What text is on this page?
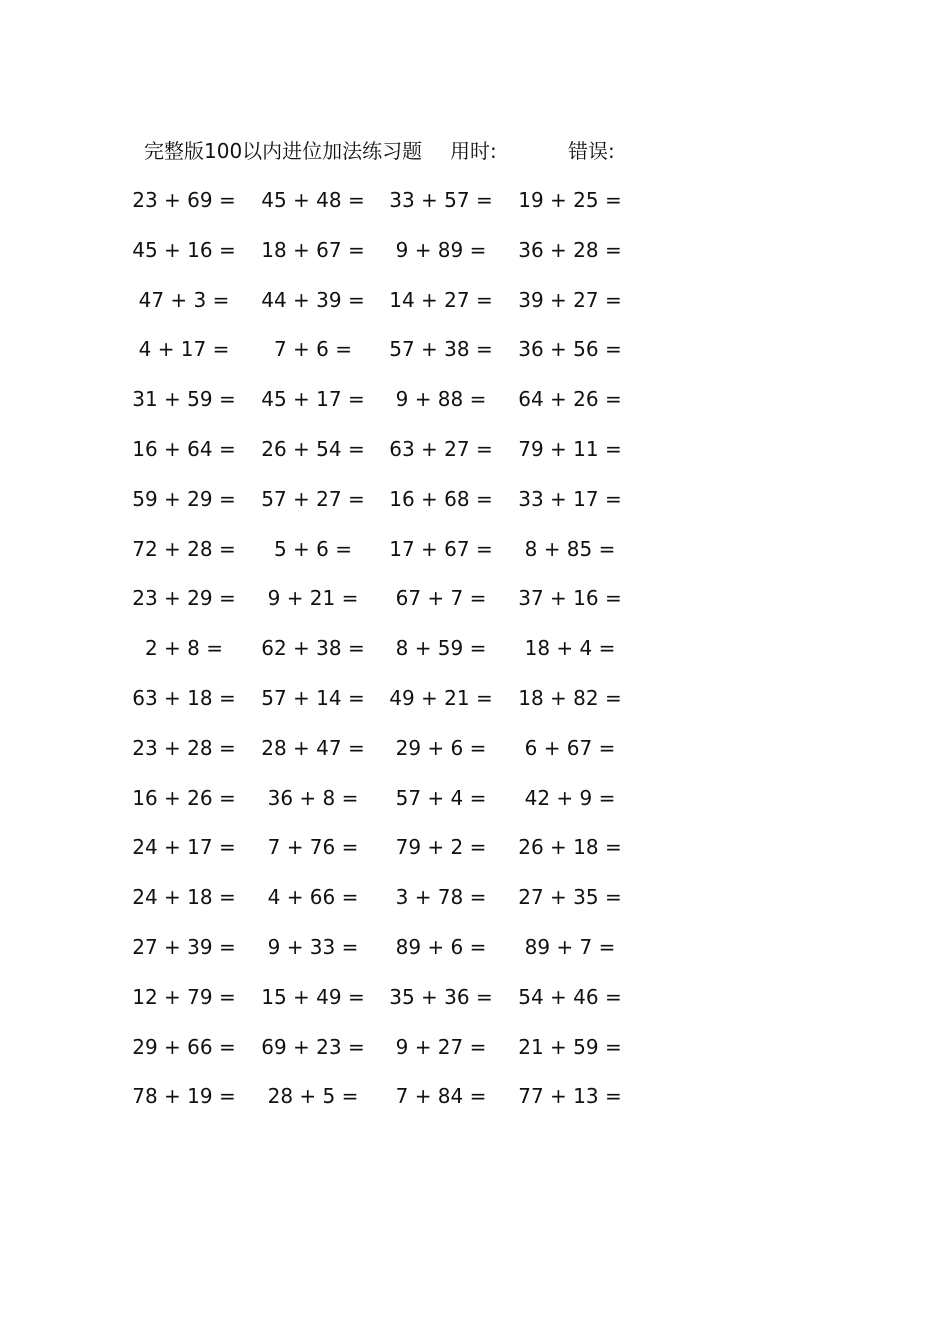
完整版100以内进位加法练习题 用时:	错误:
23 + 69 =	45 + 48 =	33 + 57 =	19 + 25 =
45 + 16 =	18 + 67 =	9 + 89 =	36 + 28 =
47 + 3 =	44 + 39 =	14 + 27 =	39 + 27 =
4 + 17 =	7 + 6 =	57 + 38 =	36 + 56 =
31 + 59 =	45 + 17 =	9 + 88 =	64 + 26 =
16 + 64 =	26 + 54 =	63 + 27 =	79 + 11 =
59 + 29 =	57 + 27 =	16 + 68 =	33 + 17 =
72 + 28 =	5 + 6 =	17 + 67 =	8 + 85 =
23 + 29 =	9 + 21 =	67 + 7 =	37 + 16 =
2 + 8 =	62 + 38 =	8 + 59 =	18 + 4 =
63 + 18 =	57 + 14 =	49 + 21 =	18 + 82 =
23 + 28 =	28 + 47 =	29 + 6 =	6 + 67 =
16 + 26 =	36 + 8 =	57 + 4 =	42 + 9 =
24 + 17 =	7 + 76 =	79 + 2 =	26 + 18 =
24 + 18 =	4 + 66 =	3 + 78 =	27 + 35 =
27 + 39 =	9 + 33 =	89 + 6 =	89 + 7 =
12 + 79 =	15 + 49 =	35 + 36 =	54 + 46 =
29 + 66 =	69 + 23 =	9 + 27 =	21 + 59 =
78 + 19 =	28 + 5 =	7 + 84 =	77 + 13 =
